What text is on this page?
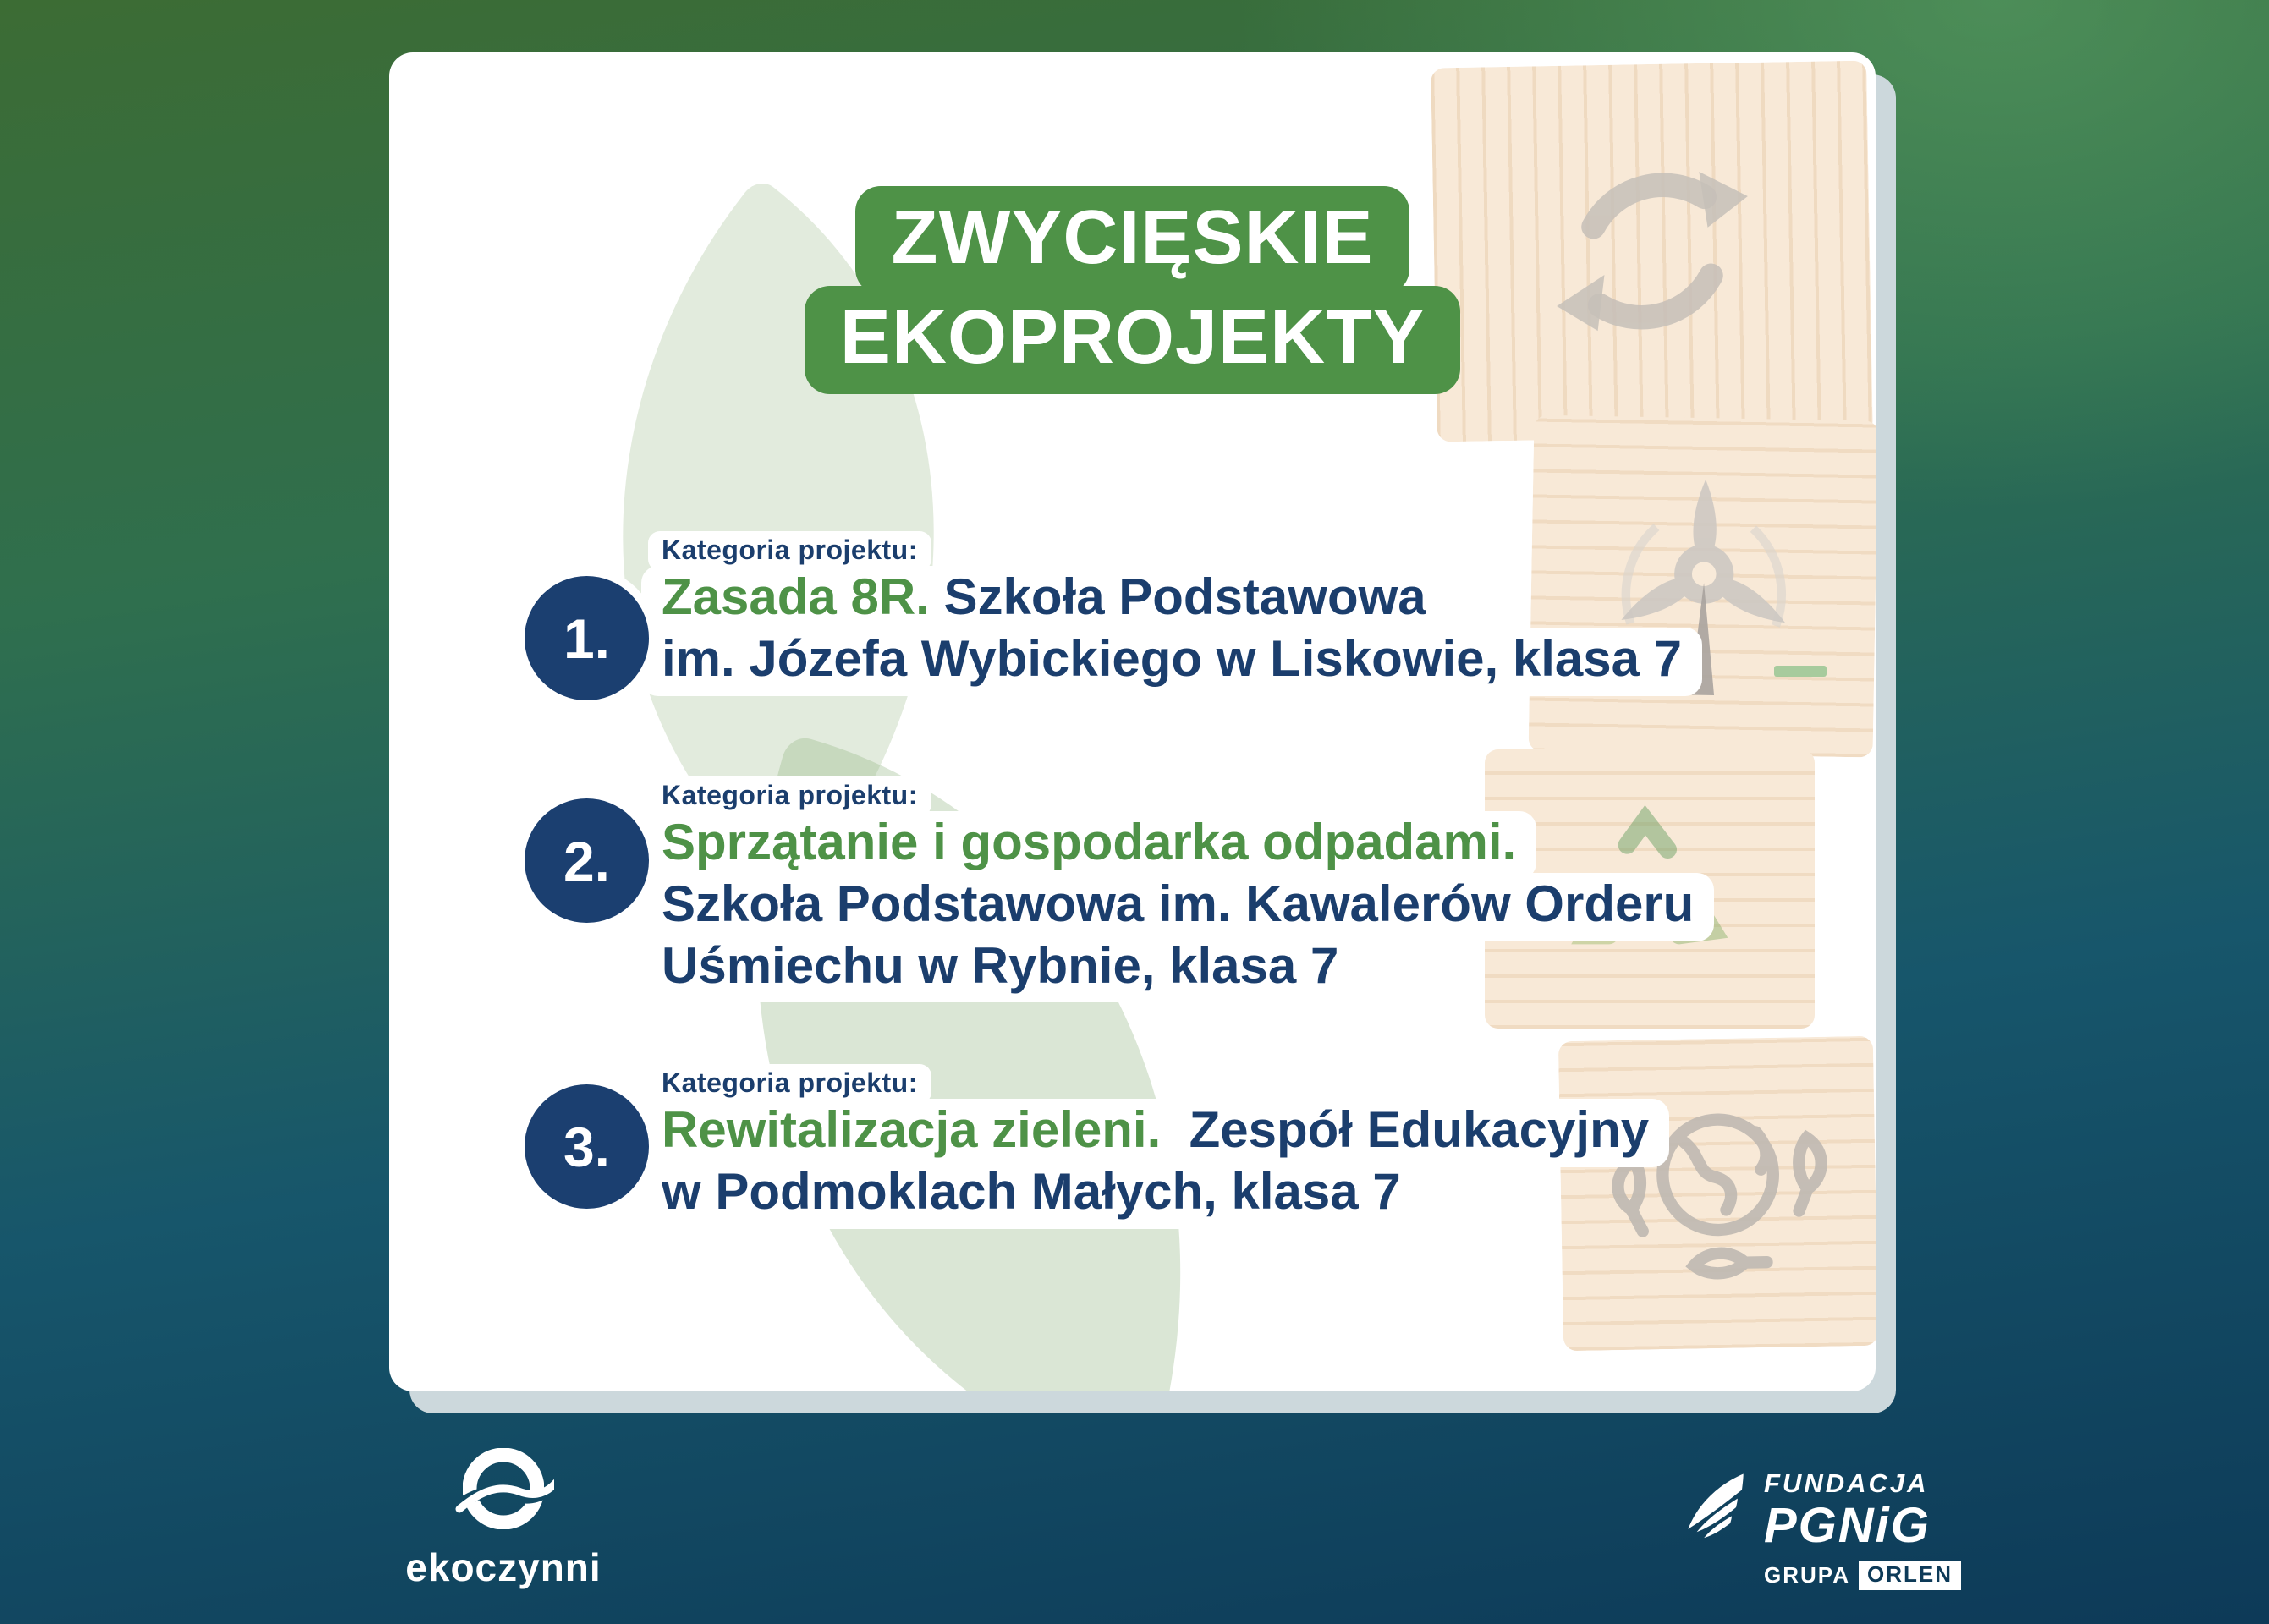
ZWYCIĘSKIE
EKOPROJEKTY
1.
Kategoria projektu:
Zasada 8R. Szkoła Podstawowa
im. Józefa Wybickiego w Liskowie, klasa 7
2.
Kategoria projektu:
Sprzątanie i gospodarka odpadami.
Szkoła Podstawowa im. Kawalerów Orderu
Uśmiechu w Rybnie, klasa 7
3.
Kategoria projektu:
Rewitalizacja zieleni.  Zespół Edukacyjny
w Podmoklach Małych, klasa 7
ekoczynni
FUNDACJA
PGNiG
GRUPA ORLEN
